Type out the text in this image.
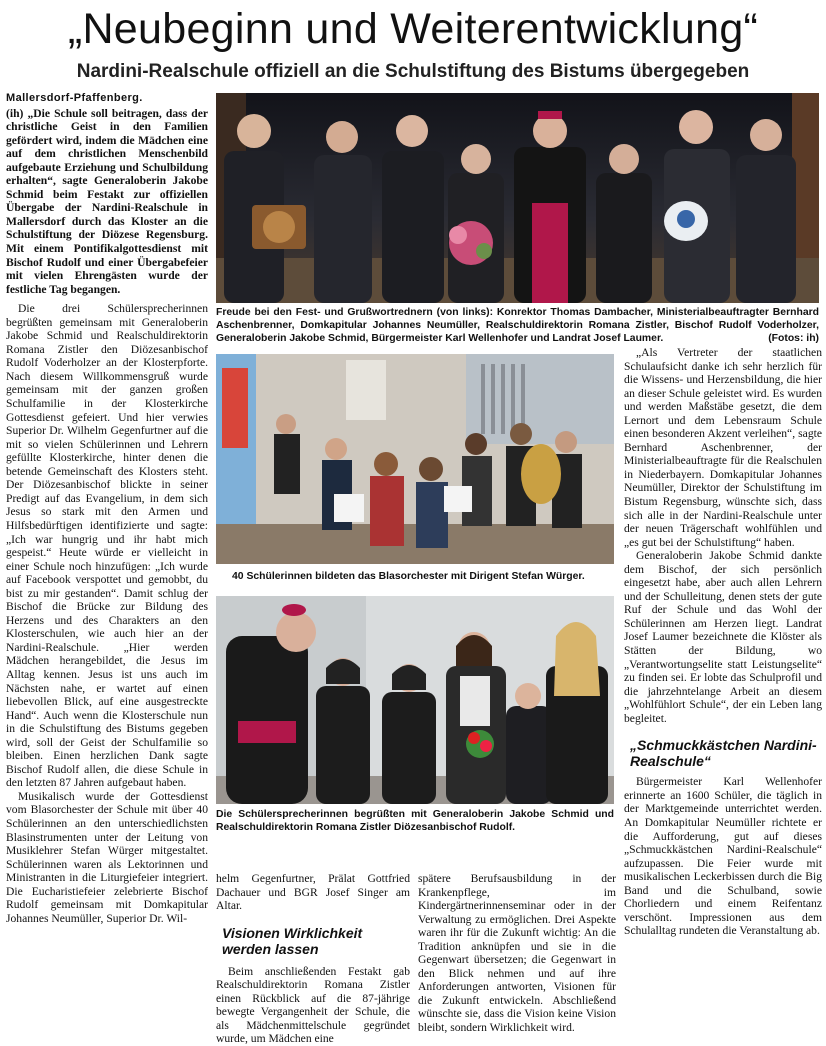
„Neubeginn und Weiterentwicklung“
Nardini-Realschule offiziell an die Schulstiftung des Bistums übergegeben
Mallersdorf-Pfaffenberg.

(ih) „Die Schule soll beitragen, dass der christliche Geist in den Familien gefördert wird, indem die Mädchen eine auf dem christlichen Menschenbild aufgebaute Erziehung und Schulbildung erhalten“, sagte Generaloberin Jakobe Schmid beim Festakt zur offiziellen Übergabe der Nardini-Realschule in Mallersdorf durch das Kloster an die Schulstiftung der Diözese Regensburg. Mit einem Pontifikalgottesdienst mit Bischof Rudolf und einer Übergabefeier mit vielen Ehrengästen wurde der festliche Tag begangen.

Die drei Schülersprecherinnen begrüßten gemeinsam mit Generaloberin Jakobe Schmid und Realschuldirektorin Romana Zistler den Diözesanbischof Rudolf Voderholzer an der Klosterpforte. Nach diesem Willkommensgruß wurde gemeinsam mit der ganzen großen Schulfamilie in der Klosterkirche Gottesdienst gefeiert. Und hier verwies Superior Dr. Wilhelm Gegenfurtner auf die mit so vielen Schülerinnen und Lehrern gefüllte Klosterkirche, hinter denen die betende Gemeinschaft des Klosters steht. Der Diözesanbischof blickte in seiner Predigt auf das Evangelium, in dem sich Jesus so stark mit den Armen und Hilfsbedürftigen identifizierte und sagte: „Ich war hungrig und ihr habt mich gespeist.“ Heute würde er vielleicht in einer Schule noch hinzufügen: „Ich wurde auf Facebook verspottet und gemobbt, du bist zu mir gestanden“. Damit schlug der Bischof die Brücke zur Bildung des Herzens und des Charakters an den Klosterschulen, wie auch hier an der Nardini-Realschule. „Hier werden Mädchen herangebildet, die Jesus im Alltag kennen. Jesus ist uns auch im Nächsten nahe, er wartet auf einen liebevollen Blick, auf eine ausgestreckte Hand“. Auch wenn die Klosterschule nun in die Schulstiftung des Bistums gegeben wird, soll der Geist der Schulfamilie so bleiben. Einen herzlichen Dank sagte Bischof Rudolf allen, die diese Schule in den letzten 87 Jahren aufgebaut haben.

Musikalisch wurde der Gottesdienst vom Blasorchester der Schule mit über 40 Schülerinnen an den unterschiedlichsten Blasinstrumenten unter der Leitung von Musiklehrer Stefan Würger mitgestaltet. Schülerinnen waren als Lektorinnen und Ministranten in die Liturgiefeier integriert. Die Eucharistiefeier zelebrierte Bischof Rudolf gemeinsam mit Domkapitular Johannes Neumüller, Superior Dr. Wil-

Freude bei den Fest- und Grußwortrednern (von links): Konrektor Thomas Dambacher, Ministerialbeauftragter Bernhard Aschenbrenner, Domkapitular Johannes Neumüller, Realschuldirektorin Romana Zistler, Bischof Rudolf Voderholzer, Generaloberin Jakobe Schmid, Bürgermeister Karl Wellenhofer und Landrat Josef Laumer.	(Fotos: ih)
40 Schülerinnen bildeten das Blasorchester mit Dirigent Stefan Würger.
Die Schülersprecherinnen begrüßten mit Generaloberin Jakobe Schmid und Realschuldirektorin Romana Zistler Diözesanbischof Rudolf.

helm Gegenfurtner, Prälat Gottfried Dachauer und BGR Josef Singer am Altar.

Visionen Wirklichkeit werden lassen

Beim anschließenden Festakt gab Realschuldirektorin Romana Zistler einen Rückblick auf die 87-jährige bewegte Vergangenheit der Schule, die als Mädchenmittelschule gegründet wurde, um Mädchen eine

spätere Berufsausbildung in der Krankenpflege, im Kindergärtnerinnenseminar oder in der Verwaltung zu ermöglichen. Drei Aspekte waren ihr für die Zukunft wichtig: An die Tradition anknüpfen und sie in die Gegenwart übersetzen; die Gegenwart in den Blick nehmen und auf ihre Anforderungen antworten, Visionen für die Zukunft entwickeln. Abschließend wünschte sie, dass die Vision keine Vision bleibt, sondern Wirklichkeit wird.

„Als Vertreter der staatlichen Schulaufsicht danke ich sehr herzlich für die Wissens- und Herzensbildung, die hier an dieser Schule geleistet wird. Es wurden und werden Maßstäbe gesetzt, die dem Lernort und dem Lebensraum Schule einen besonderen Akzent verleihen“, sagte Bernhard Aschenbrenner, der Ministerialbeauftragte für die Realschulen in Niederbayern. Domkapitular Johannes Neumüller, Direktor der Schulstiftung im Bistum Regensburg, wünschte sich, dass sich alle in der Nardini-Realschule unter der neuen Trägerschaft wohlfühlen und „es gut bei der Schulstiftung“ haben.

Generaloberin Jakobe Schmid dankte dem Bischof, der sich persönlich eingesetzt habe, aber auch allen Lehrern und der Schulleitung, denen stets der gute Ruf der Schule und das Wohl der Schülerinnen am Herzen liegt. Landrat Josef Laumer bezeichnete die Klöster als Stätten der Bildung, wo „Verantwortungselite statt Leistungselite“ zu finden sei. Er lobte das Schulprofil und die jahrzehntelange Arbeit an diesem „Wohlfühlort Schule“, der ein Leben lang begleitet.

„Schmuckkästchen Nardini-Realschule“

Bürgermeister Karl Wellenhofer erinnerte an 1600 Schüler, die täglich in der Marktgemeinde unterrichtet werden. An Domkapitular Neumüller richtete er die Aufforderung, gut auf dieses „Schmuckkästchen Nardini-Realschule“ aufzupassen. Die Feier wurde mit musikalischen Leckerbissen durch die Big Band und die Schulband, sowie Chorliedern und einem Reifentanz verschönt. Impressionen aus dem Schulalltag rundeten die Veranstaltung ab.
